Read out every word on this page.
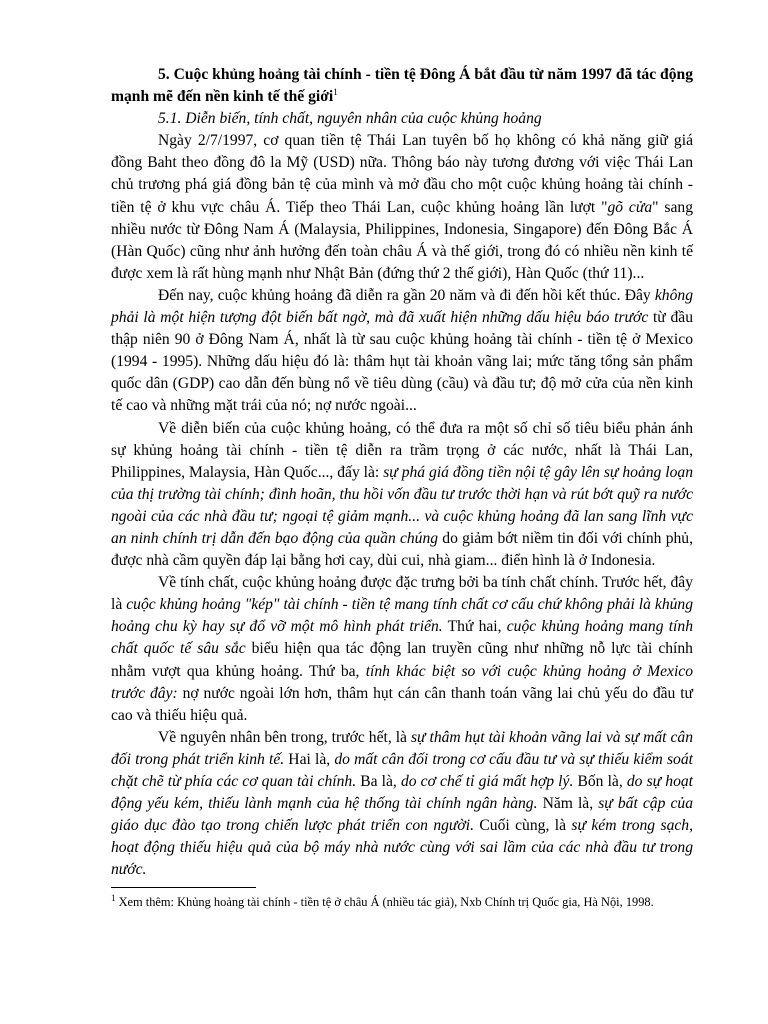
5. Cuộc khủng hoảng tài chính - tiền tệ Đông Á bắt đầu từ năm 1997 đã tác động mạnh mẽ đến nền kinh tế thế giới$^1$

5.1. Diễn biến, tính chất, nguyên nhân của cuộc khủng hoảng

Ngày 2/7/1997, cơ quan tiền tệ Thái Lan tuyên bố họ không có khả năng giữ giá đồng Baht theo đồng đô la Mỹ (USD) nữa. Thông báo này tương đương với việc Thái Lan chủ trương phá giá đồng bản tệ của mình và mở đầu cho một cuộc khủng hoảng tài chính - tiền tệ ở khu vực châu Á. Tiếp theo Thái Lan, cuộc khủng hoảng lần lượt "gõ cửa" sang nhiều nước từ Đông Nam Á (Malaysia, Philippines, Indonesia, Singapore) đến Đông Bắc Á (Hàn Quốc) cũng như ảnh hưởng đến toàn châu Á và thế giới, trong đó có nhiều nền kinh tế được xem là rất hùng mạnh như Nhật Bản (đứng thứ 2 thế giới), Hàn Quốc (thứ 11)...

Đến nay, cuộc khủng hoảng đã diễn ra gần 20 năm và đi đến hồi kết thúc. Đây không phải là một hiện tượng đột biến bất ngờ, mà đã xuất hiện những dấu hiệu báo trước từ đầu thập niên 90 ở Đông Nam Á, nhất là từ sau cuộc khủng hoảng tài chính - tiền tệ ở Mexico (1994 - 1995). Những dấu hiệu đó là: thâm hụt tài khoản vãng lai; mức tăng tổng sản phẩm quốc dân (GDP) cao dẫn đến bùng nổ về tiêu dùng (cầu) và đầu tư; độ mở cửa của nền kinh tế cao và những mặt trái của nó; nợ nước ngoài...

Về diễn biến của cuộc khủng hoảng, có thể đưa ra một số chỉ số tiêu biểu phản ánh sự khủng hoảng tài chính - tiền tệ diễn ra trầm trọng ở các nước, nhất là Thái Lan, Philippines, Malaysia, Hàn Quốc..., đấy là: sự phá giá đồng tiền nội tệ gây lên sự hoảng loạn của thị trường tài chính; đình hoãn, thu hồi vốn đầu tư trước thời hạn và rút bớt quỹ ra nước ngoài của các nhà đầu tư; ngoại tệ giảm mạnh... và cuộc khủng hoảng đã lan sang lĩnh vực an ninh chính trị dẫn đến bạo động của quần chúng do giảm bớt niềm tin đối với chính phủ, được nhà cầm quyền đáp lại bằng hơi cay, dùi cui, nhà giam... điển hình là ở Indonesia.

Về tính chất, cuộc khủng hoảng được đặc trưng bởi ba tính chất chính. Trước hết, đây là cuộc khủng hoảng "kép" tài chính - tiền tệ mang tính chất cơ cấu chứ không phải là khủng hoảng chu kỳ hay sự đổ vỡ một mô hình phát triển. Thứ hai, cuộc khủng hoảng mang tính chất quốc tế sâu sắc biểu hiện qua tác động lan truyền cũng như những nỗ lực tài chính nhằm vượt qua khủng hoảng. Thứ ba, tính khác biệt so với cuộc khủng hoảng ở Mexico trước đây: nợ nước ngoài lớn hơn, thâm hụt cán cân thanh toán vãng lai chủ yếu do đầu tư cao và thiếu hiệu quả.

Về nguyên nhân bên trong, trước hết, là sự thâm hụt tài khoản vãng lai và sự mất cân đối trong phát triển kinh tế. Hai là, do mất cân đối trong cơ cấu đầu tư và sự thiếu kiểm soát chặt chẽ từ phía các cơ quan tài chính. Ba là, do cơ chế tỉ giá mất hợp lý. Bốn là, do sự hoạt động yếu kém, thiếu lành mạnh của hệ thống tài chính ngân hàng. Năm là, sự bất cập của giáo dục đào tạo trong chiến lược phát triển con người. Cuối cùng, là sự kém trong sạch, hoạt động thiếu hiệu quả của bộ máy nhà nước cùng với sai lầm của các nhà đầu tư trong nước.

$^1$ Xem thêm: Khủng hoảng tài chính - tiền tệ ở châu Á (nhiều tác giả), Nxb Chính trị Quốc gia, Hà Nội, 1998.
